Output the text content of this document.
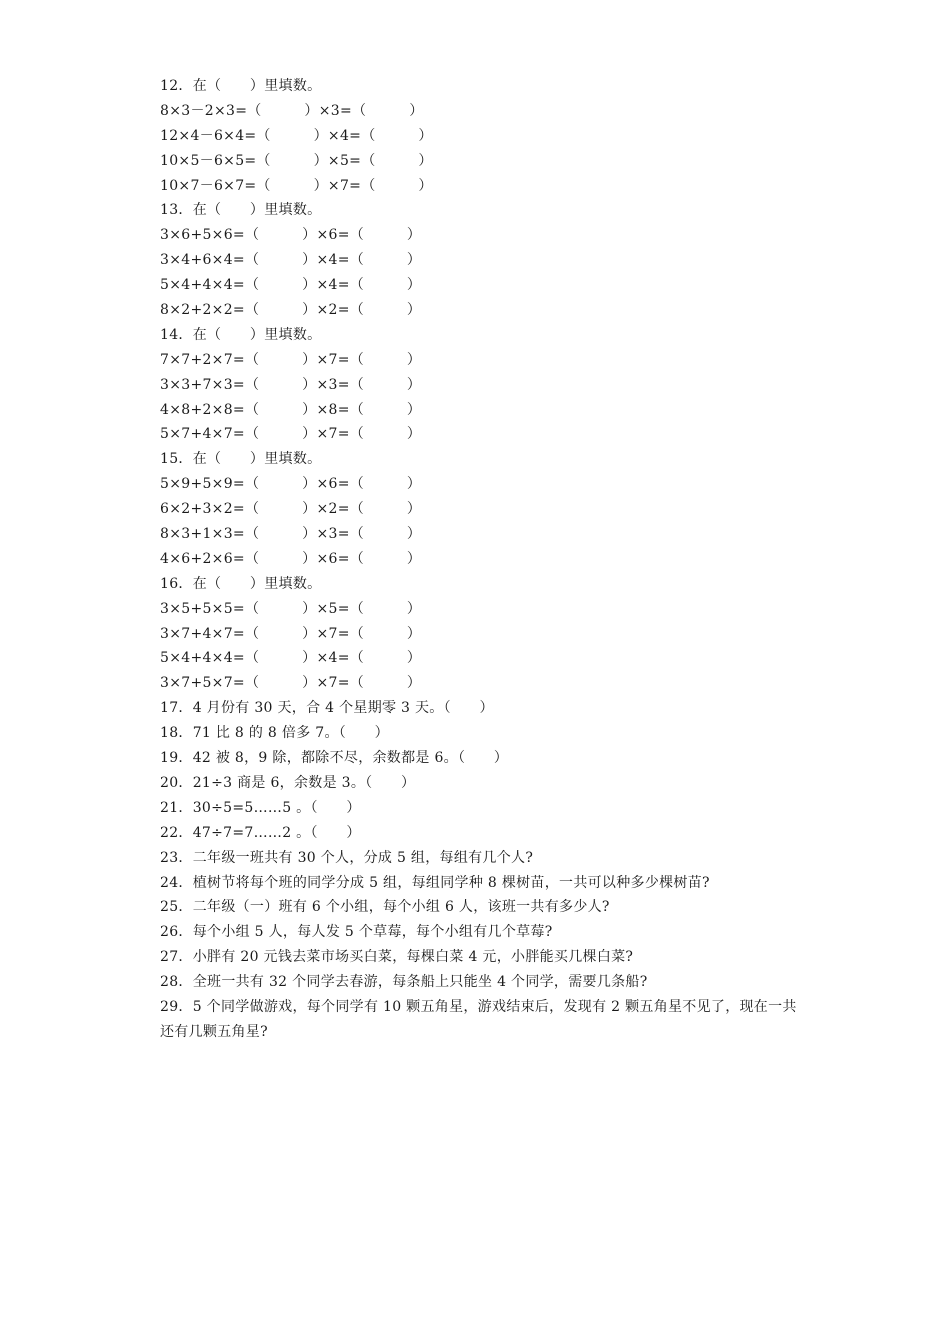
12．在（　　）里填数。

8×3－2×3=（　　　）×3=（　　　）

12×4－6×4=（　　　）×4=（　　　）

10×5－6×5=（　　　）×5=（　　　）

10×7－6×7=（　　　）×7=（　　　）

13．在（　　）里填数。

3×6+5×6=（　　　）×6=（　　　）

3×4+6×4=（　　　）×4=（　　　）

5×4+4×4=（　　　）×4=（　　　）

8×2+2×2=（　　　）×2=（　　　）

14．在（　　）里填数。

7×7+2×7=（　　　）×7=（　　　）

3×3+7×3=（　　　）×3=（　　　）

4×8+2×8=（　　　）×8=（　　　）

5×7+4×7=（　　　）×7=（　　　）

15．在（　　）里填数。

5×9+5×9=（　　　）×6=（　　　）

6×2+3×2=（　　　）×2=（　　　）

8×3+1×3=（　　　）×3=（　　　）

4×6+2×6=（　　　）×6=（　　　）

16．在（　　）里填数。

3×5+5×5=（　　　）×5=（　　　）

3×7+4×7=（　　　）×7=（　　　）

5×4+4×4=（　　　）×4=（　　　）

3×7+5×7=（　　　）×7=（　　　）

17．4 月份有 30 天，合 4 个星期零 3 天。（　　）

18．71 比 8 的 8 倍多 7。（　　）

19．42 被 8，9 除，都除不尽，余数都是 6。（　　）

20．21÷3 商是 6，余数是 3。（　　）

21．30÷5=5……5 。（　　）

22．47÷7=7……2 。（　　）

23．二年级一班共有 30 个人，分成 5 组，每组有几个人?

24．植树节将每个班的同学分成 5 组，每组同学种 8 棵树苗，一共可以种多少棵树苗?

25．二年级（一）班有 6 个小组，每个小组 6 人，该班一共有多少人?

26．每个小组 5 人，每人发 5 个草莓，每个小组有几个草莓?

27．小胖有 20 元钱去菜市场买白菜，每棵白菜 4 元，小胖能买几棵白菜?

28．全班一共有 32 个同学去春游，每条船上只能坐 4 个同学，需要几条船?

29．5 个同学做游戏，每个同学有 10 颗五角星，游戏结束后，发现有 2 颗五角星不见了，现在一共还有几颗五角星?
